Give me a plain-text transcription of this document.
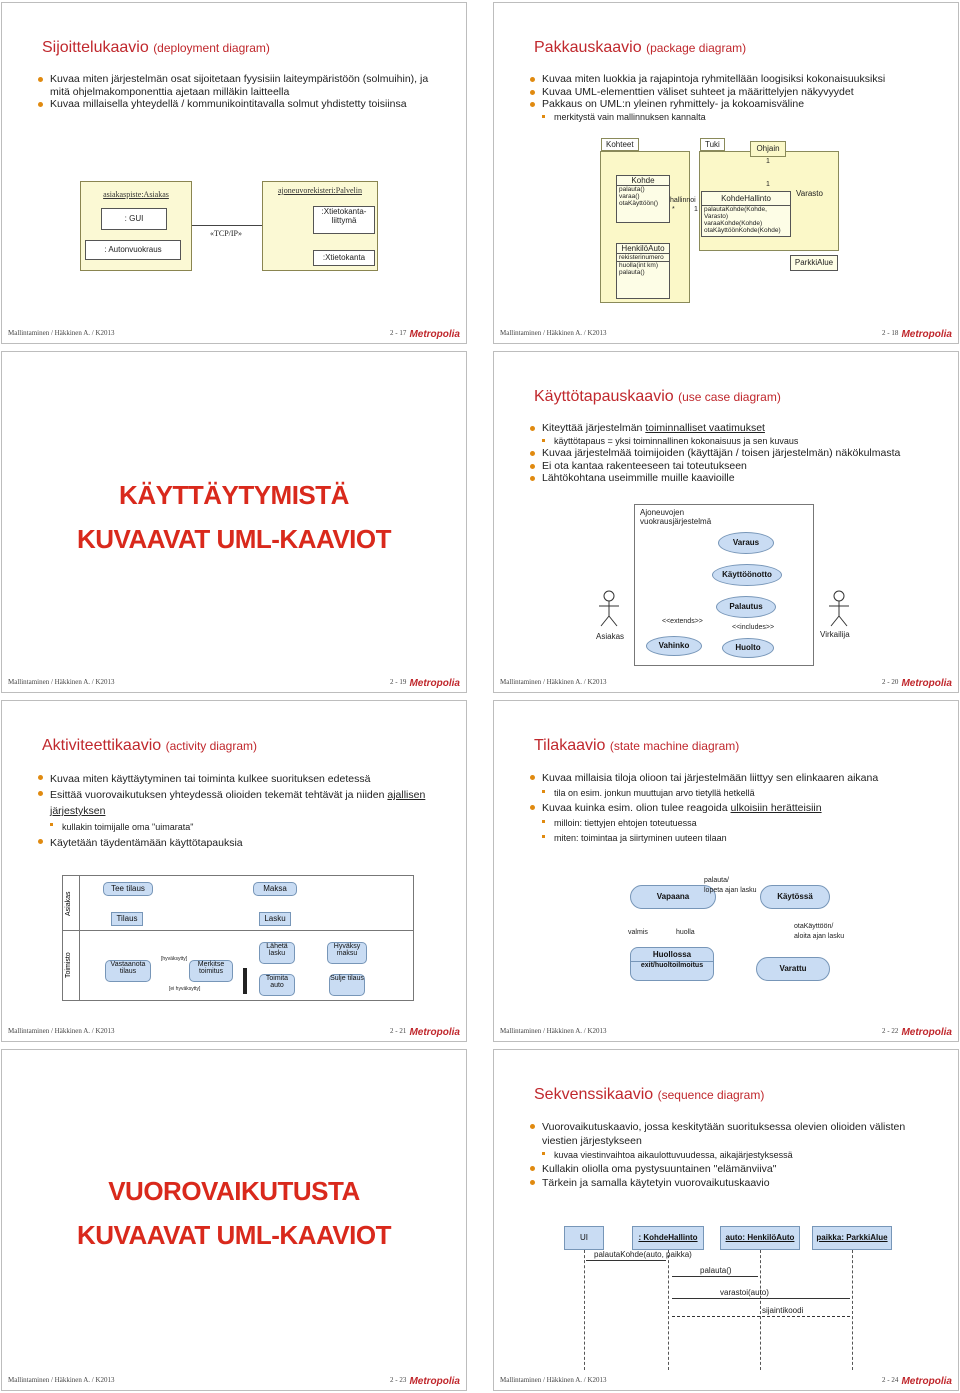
Sijoittelukaavio (deployment diagram)
Kuvaa miten järjestelmän osat sijoitetaan fyysisiin laiteympäristöön (solmuihin), ja mitä ohjelmakomponenttia ajetaan milläkin laitteella
Kuvaa millaisella yhteydellä / kommunikointitavalla solmut yhdistetty toisiinsa
asiakaspiste:Asiakas
: GUI
: Autonvuokraus
«TCP/IP»
ajoneuvorekisteri:Palvelin
:Xtietokanta-liittymä
:Xtietokanta
Mallintaminen / Häkkinen A. / K2013	2 - 17 Metropolia
Pakkauskaavio (package diagram)
Kuvaa miten luokkia ja rajapintoja ryhmitellään loogisiksi kokonaisuuksiksi
Kuvaa UML-elementtien väliset suhteet ja määrittelyjen näkyvyydet
Pakkaus on UML:n yleinen ryhmittely- ja kokoamisväline
merkitystä vain mallinnuksen kannalta
Kohteet	Tuki	Ohjain
Kohde
palauta()
varaa()
otaKäyttöön()	hallinnoi	KohdeHallinto
palautaKohde(Kohde, Varasto)
varaaKohde(Kohde)
otaKäyttöönKohde(Kohde)
Varasto
HenkilöAuto
rekisterinumero
huolla(int km)
palauta()
ParkkiAlue
1
*	1
1
Mallintaminen / Häkkinen A. / K2013	2 - 18 Metropolia
KÄYTTÄYTYMISTÄ
KUVAAVAT UML-KAAVIOT
Mallintaminen / Häkkinen A. / K2013	2 - 19 Metropolia
Käyttötapauskaavio (use case diagram)
Kiteyttää järjestelmän toiminnalliset vaatimukset
käyttötapaus = yksi toiminnallinen kokonaisuus ja sen kuvaus
Kuvaa järjestelmää toimijoiden (käyttäjän / toisen järjestelmän) näkökulmasta
Ei ota kantaa rakenteeseen tai toteutukseen
Lähtökohtana useimmille muille kaavioille
Ajoneuvojen vuokrausjärjestelmä
Varaus
Käyttöönotto
Palautus
Vahinko	Huolto
<<extends>>
<<includes>>
Asiakas	Virkailija
Mallintaminen / Häkkinen A. / K2013	2 - 20 Metropolia
Aktiviteettikaavio (activity diagram)
Kuvaa miten käyttäytyminen tai toiminta kulkee suorituksen edetessä
Esittää vuorovaikutuksen yhteydessä olioiden tekemät tehtävät ja niiden ajallisen järjestyksen
kullakin toimijalle oma "uimarata"
Käytetään täydentämään käyttötapauksia
Asiakas
Toimisto
Tee tilaus	Maksa
Tilaus	Lasku
Vastaanota tilaus
Merkitse toimitus
Lähetä lasku
Hyväksy maksu
Toimita auto
Sulje tilaus
[hyväksytty]
[ei hyväksytty]
Mallintaminen / Häkkinen A. / K2013	2 - 21 Metropolia
Tilakaavio (state machine diagram)
Kuvaa millaisia tiloja olioon tai järjestelmään liittyy sen elinkaaren aikana
tila on esim. jonkun muuttujan arvo tietyllä hetkellä
Kuvaa kuinka esim. olion tulee reagoida ulkoisiin herätteisiin
milloin: tiettyjen ehtojen toteutuessa
miten: toimintaa ja siirtyminen uuteen tilaan
Vapaana	Käytössä
Huollossa
exit/huoltoilmoitus	Varattu
palauta/
lopeta ajan lasku
otaKäyttöön/
aloita ajan lasku
valmis	huolla
Mallintaminen / Häkkinen A. / K2013	2 - 22 Metropolia
VUOROVAIKUTUSTA
KUVAAVAT UML-KAAVIOT
Mallintaminen / Häkkinen A. / K2013	2 - 23 Metropolia
Sekvenssikaavio (sequence diagram)
Vuorovaikutuskaavio, jossa keskitytään suorituksessa olevien olioiden välisten viestien järjestykseen
kuvaa viestinvaihtoa aikaulottuvuudessa, aikajärjestyksessä
Kullakin oliolla oma pystysuuntainen "elämänviiva"
Tärkein ja samalla käytetyin vuorovaikutuskaavio
UI	: KohdeHallinto	auto: HenkilöAuto	paikka: ParkkiAlue
palautaKohde(auto, paikka)
palauta()
varastoi(auto)
sijaintikoodi
Mallintaminen / Häkkinen A. / K2013	2 - 24 Metropolia
